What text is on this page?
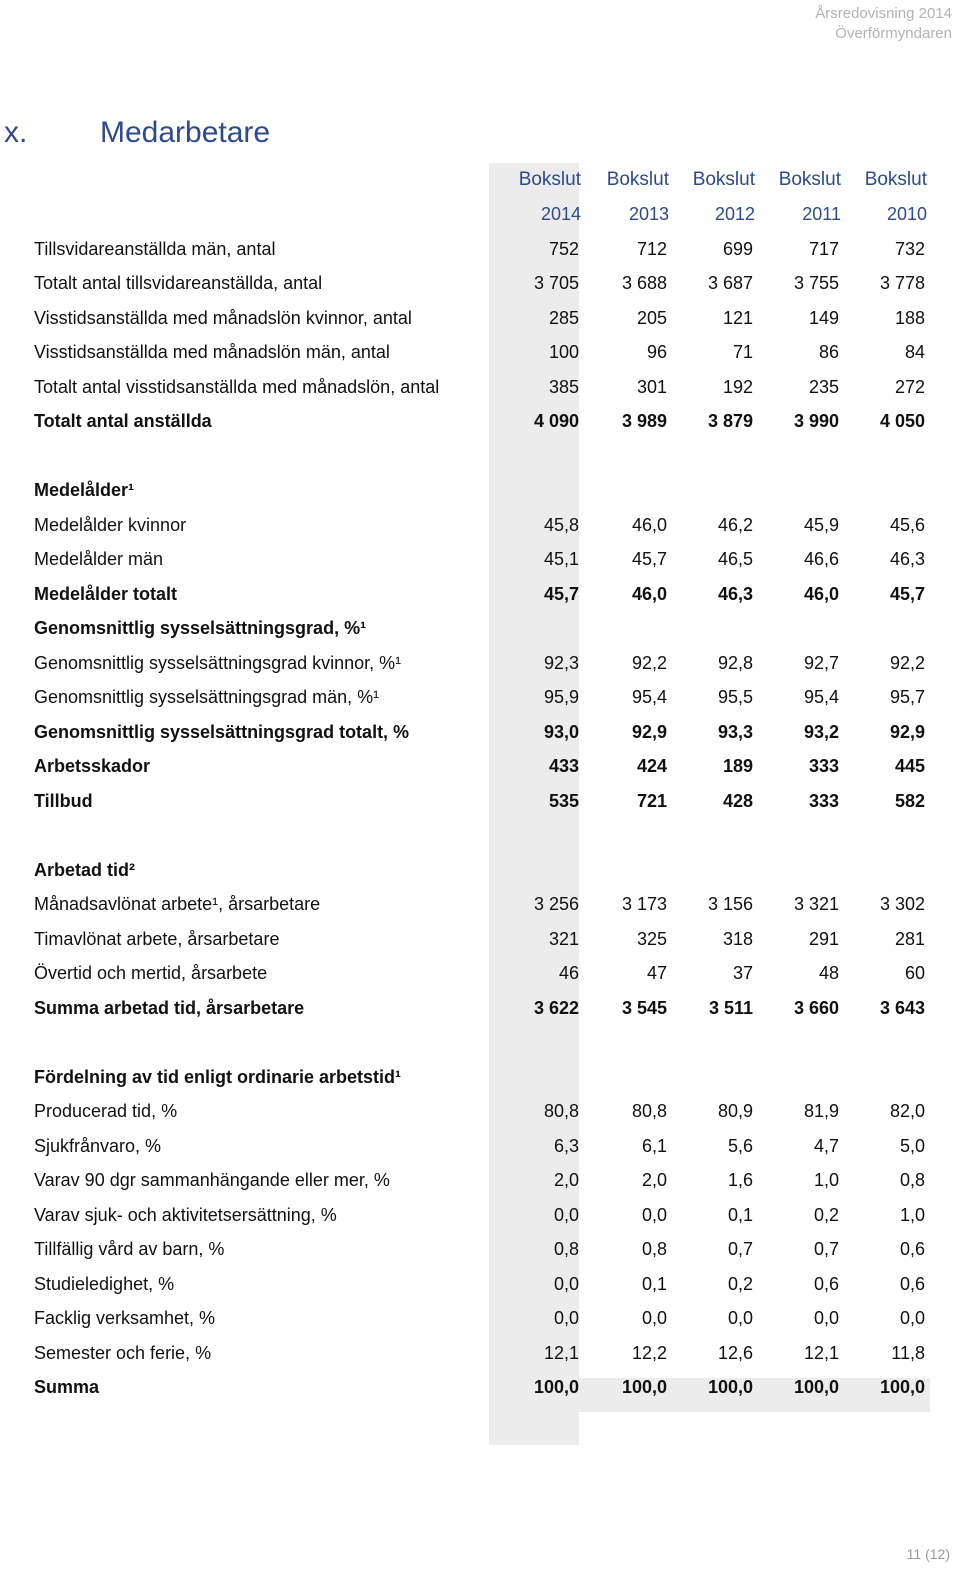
Årsredovisning 2014
Överförmyndaren
x. Medarbetare
	Bokslut	Bokslut	Bokslut	Bokslut	Bokslut
	2014	2013	2012	2011	2010
Tillsvidareanställda män, antal	752	712	699	717	732
Totalt antal tillsvidareanställda, antal	3 705	3 688	3 687	3 755	3 778
Visstidsanställda med månadslön kvinnor, antal	285	205	121	149	188
Visstidsanställda med månadslön män, antal	100	96	71	86	84
Totalt antal visstidsanställda med månadslön, antal	385	301	192	235	272
Totalt antal anställda	4 090	3 989	3 879	3 990	4 050

Medelålder¹					
Medelålder kvinnor	45,8	46,0	46,2	45,9	45,6
Medelålder män	45,1	45,7	46,5	46,6	46,3
Medelålder totalt	45,7	46,0	46,3	46,0	45,7
Genomsnittlig sysselsättningsgrad, %¹					
Genomsnittlig sysselsättningsgrad kvinnor, %¹	92,3	92,2	92,8	92,7	92,2
Genomsnittlig sysselsättningsgrad män, %¹	95,9	95,4	95,5	95,4	95,7
Genomsnittlig sysselsättningsgrad totalt, %	93,0	92,9	93,3	93,2	92,9
Arbetsskador	433	424	189	333	445
Tillbud	535	721	428	333	582

Arbetad tid²					
Månadsavlönat arbete¹, årsarbetare	3 256	3 173	3 156	3 321	3 302
Timavlönat arbete, årsarbetare	321	325	318	291	281
Övertid och mertid, årsarbete	46	47	37	48	60
Summa arbetad tid, årsarbetare	3 622	3 545	3 511	3 660	3 643

Fördelning av tid enligt ordinarie arbetstid¹					
Producerad tid, %	80,8	80,8	80,9	81,9	82,0
Sjukfrånvaro, %	6,3	6,1	5,6	4,7	5,0
Varav 90 dgr sammanhängande eller mer, %	2,0	2,0	1,6	1,0	0,8
Varav sjuk- och aktivitetsersättning, %	0,0	0,0	0,1	0,2	1,0
Tillfällig vård av barn, %	0,8	0,8	0,7	0,7	0,6
Studieledighet, %	0,0	0,1	0,2	0,6	0,6
Facklig verksamhet, %	0,0	0,0	0,0	0,0	0,0
Semester och ferie, %	12,1	12,2	12,6	12,1	11,8
Summa	100,0	100,0	100,0	100,0	100,0
11 (12)
